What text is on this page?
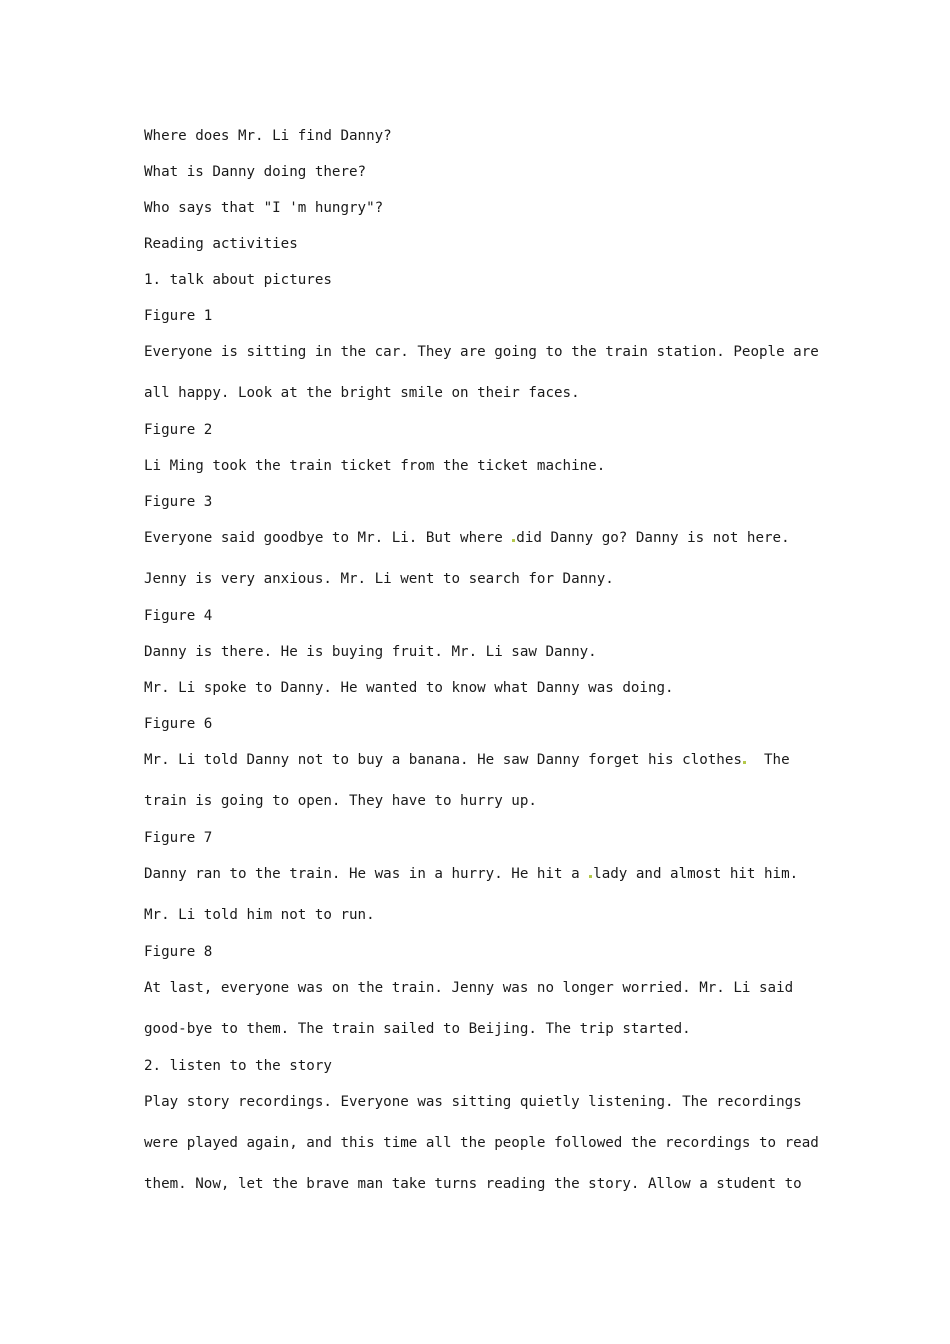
Where does Mr. Li find Danny?
What is Danny doing there?
Who says that "I 'm hungry"?
Reading activities
1. talk about pictures
Figure 1
Everyone is sitting in the car. They are going to the train station. People are
all happy. Look at the bright smile on their faces.
Figure 2
Li Ming took the train ticket from the ticket machine.
Figure 3
Everyone said goodbye to Mr. Li. But where did Danny go? Danny is not here.
Jenny is very anxious. Mr. Li went to search for Danny.
Figure 4
Danny is there. He is buying fruit. Mr. Li saw Danny.
Mr. Li spoke to Danny. He wanted to know what Danny was doing.
Figure 6
Mr. Li told Danny not to buy a banana. He saw Danny forget his clothes The
train is going to open. They have to hurry up.
Figure 7
Danny ran to the train. He was in a hurry. He hit a lady and almost hit him.
Mr. Li told him not to run.
Figure 8
At last, everyone was on the train. Jenny was no longer worried. Mr. Li said
good-bye to them. The train sailed to Beijing. The trip started.
2. listen to the story
Play story recordings. Everyone was sitting quietly listening. The recordings
were played again, and this time all the people followed the recordings to read
them. Now, let the brave man take turns reading the story. Allow a student to
